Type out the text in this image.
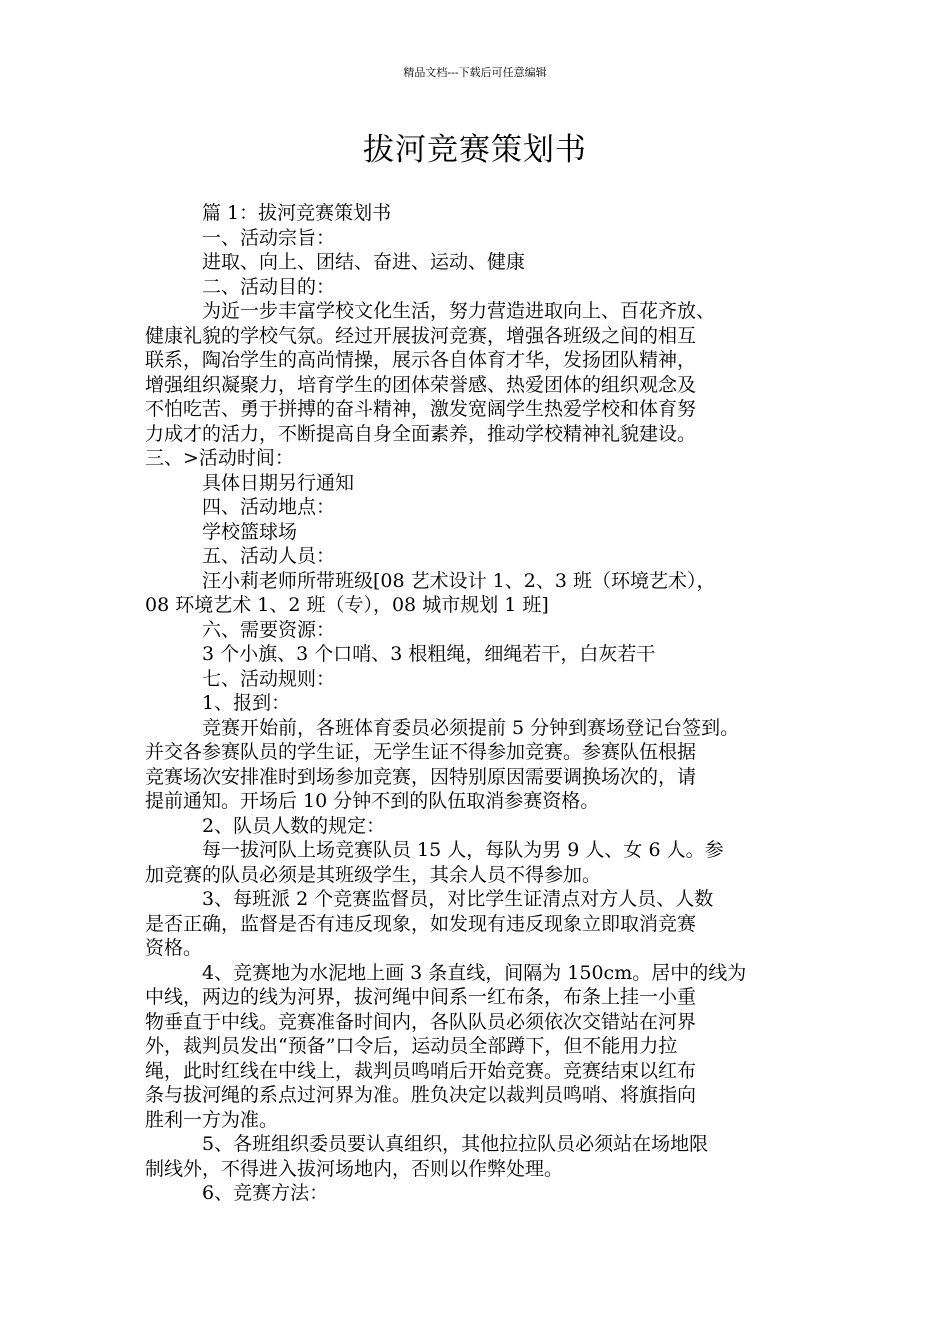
精品文档---下载后可任意编辑
拔河竞赛策划书
篇 1：拔河竞赛策划书
一、活动宗旨：
进取、向上、团结、奋进、运动、健康
二、活动目的：
为近一步丰富学校文化生活，努力营造进取向上、百花齐放、
健康礼貌的学校气氛。经过开展拔河竞赛，增强各班级之间的相互
联系，陶冶学生的高尚情操，展示各自体育才华，发扬团队精神，
增强组织凝聚力，培育学生的团体荣誉感、热爱团体的组织观念及
不怕吃苦、勇于拼搏的奋斗精神，激发宽阔学生热爱学校和体育努
力成才的活力，不断提高自身全面素养，推动学校精神礼貌建设。
三、>活动时间：
具体日期另行通知
四、活动地点：
学校篮球场
五、活动人员：
汪小莉老师所带班级[08 艺术设计 1、2、3 班（环境艺术），
08 环境艺术 1、2 班（专），08 城市规划 1 班]
六、需要资源：
3 个小旗、3 个口哨、3 根粗绳，细绳若干，白灰若干
七、活动规则：
1、报到：
竞赛开始前，各班体育委员必须提前 5 分钟到赛场登记台签到。
并交各参赛队员的学生证，无学生证不得参加竞赛。参赛队伍根据
竞赛场次安排准时到场参加竞赛，因特别原因需要调换场次的，请
提前通知。开场后 10 分钟不到的队伍取消参赛资格。
2、队员人数的规定：
每一拔河队上场竞赛队员 15 人，每队为男 9 人、女 6 人。参
加竞赛的队员必须是其班级学生，其余人员不得参加。
3、每班派 2 个竞赛监督员，对比学生证清点对方人员、人数
是否正确，监督是否有违反现象，如发现有违反现象立即取消竞赛
资格。
4、竞赛地为水泥地上画 3 条直线，间隔为 150cm。居中的线为
中线，两边的线为河界，拔河绳中间系一红布条，布条上挂一小重
物垂直于中线。竞赛准备时间内，各队队员必须依次交错站在河界
外，裁判员发出“预备”口令后，运动员全部蹲下，但不能用力拉
绳，此时红线在中线上，裁判员鸣哨后开始竞赛。竞赛结束以红布
条与拔河绳的系点过河界为准。胜负决定以裁判员鸣哨、将旗指向
胜利一方为准。
5、各班组织委员要认真组织，其他拉拉队员必须站在场地限
制线外，不得进入拔河场地内，否则以作弊处理。
6、竞赛方法：
